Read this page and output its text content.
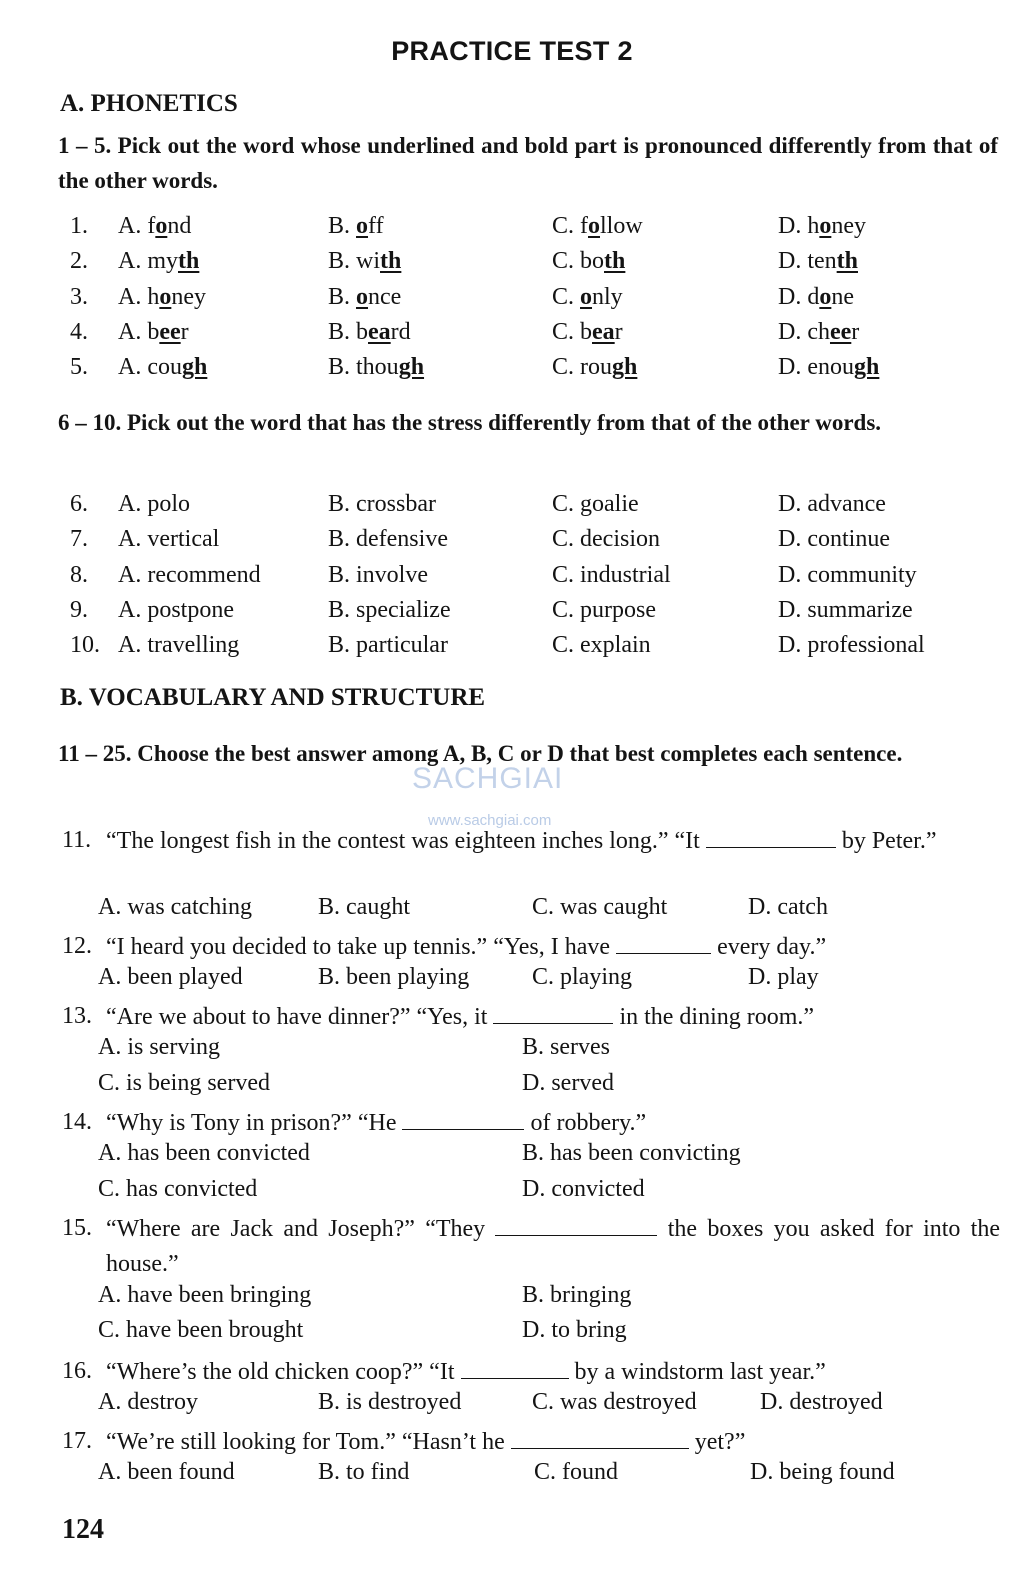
PRACTICE TEST 2
A. PHONETICS
1 – 5. Pick out the word whose underlined and bold part is pronounced differently from that of the other words.
1. A. fond	B. off	C. follow	D. honey
2. A. myth	B. with	C. both	D. tenth
3. A. honey	B. once	C. only	D. done
4. A. beer	B. beard	C. bear	D. cheer
5. A. cough	B. though	C. rough	D. enough
6 – 10. Pick out the word that has the stress differently from that of the other words.
6. A. polo	B. crossbar	C. goalie	D. advance
7. A. vertical	B. defensive	C. decision	D. continue
8. A. recommend	B. involve	C. industrial	D. community
9. A. postpone	B. specialize	C. purpose	D. summarize
10. A. travelling	B. particular	C. explain	D. professional
B. VOCABULARY AND STRUCTURE
11 – 25. Choose the best answer among A, B, C or D that best completes each sentence.
SACHGIAI
www.sachgiai.com
11. “The longest fish in the contest was eighteen inches long.” “It	by Peter.”
A. was catching	B. caught	C. was caught	D. catch
12. “I heard you decided to take up tennis.” “Yes, I have	every day.”
A. been played	B. been playing	C. playing	D. play
13. “Are we about to have dinner?” “Yes, it	in the dining room.”
A. is serving	B. serves
C. is being served	D. served
14. “Why is Tony in prison?” “He	of robbery.”
A. has been convicted	B. has been convicting
C. has convicted	D. convicted
15. “Where are Jack and Joseph?” “They	the boxes you asked for into the house.”
A. have been bringing	B. bringing
C. have been brought	D. to bring
16. “Where’s the old chicken coop?” “It	by a windstorm last year.”
A. destroy	B. is destroyed	C. was destroyed	D. destroyed
17. “We’re still looking for Tom.” “Hasn’t he	yet?”
A. been found	B. to find	C. found	D. being found
124
